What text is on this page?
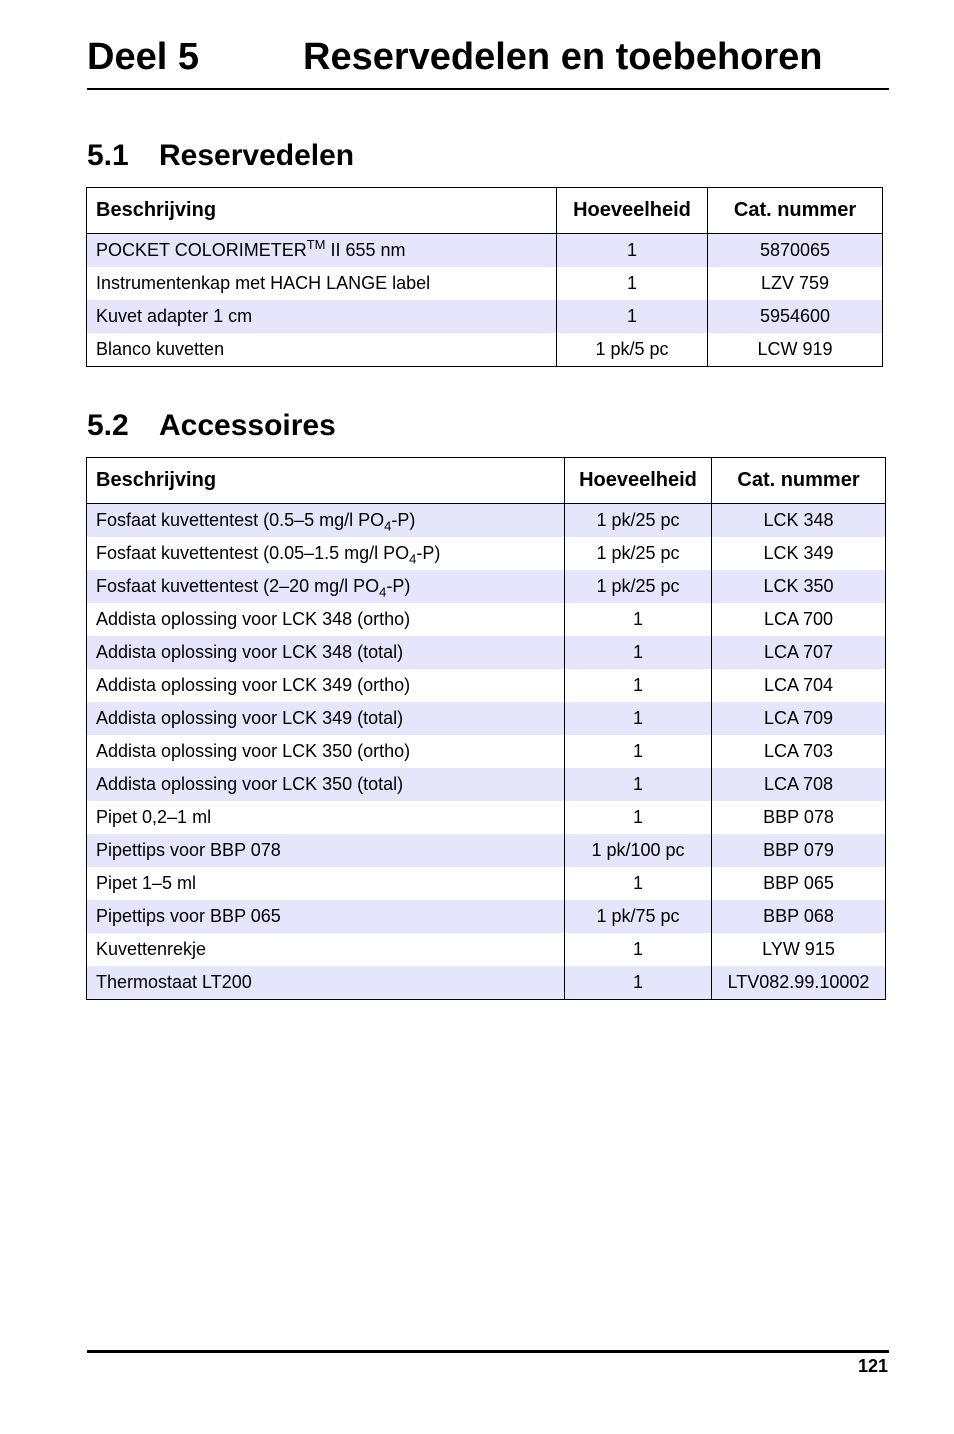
Deel 5	Reservedelen en toebehoren
5.1 Reservedelen
Beschrijving	Hoeveelheid	Cat. nummer
POCKET COLORIMETER™ II 655 nm	1	5870065
Instrumentenkap met HACH LANGE label	1	LZV 759
Kuvet adapter 1 cm	1	5954600
Blanco kuvetten	1 pk/5 pc	LCW 919
5.2 Accessoires
Beschrijving	Hoeveelheid	Cat. nummer
Fosfaat kuvettentest (0.5–5 mg/l $PO_4-P$)	1 pk/25 pc	LCK 348
Fosfaat kuvettentest (0.05–1.5 mg/l $PO_4-P$)	1 pk/25 pc	LCK 349
Fosfaat kuvettentest (2–20 mg/l $PO_4-P$)	1 pk/25 pc	LCK 350
Addista oplossing voor LCK 348 (ortho)	1	LCA 700
Addista oplossing voor LCK 348 (total)	1	LCA 707
Addista oplossing voor LCK 349 (ortho)	1	LCA 704
Addista oplossing voor LCK 349 (total)	1	LCA 709
Addista oplossing voor LCK 350 (ortho)	1	LCA 703
Addista oplossing voor LCK 350 (total)	1	LCA 708
Pipet 0,2–1 ml	1	BBP 078
Pipettips voor BBP 078	1 pk/100 pc	BBP 079
Pipet 1–5 ml	1	BBP 065
Pipettips voor BBP 065	1 pk/75 pc	BBP 068
Kuvettenrekje	1	LYW 915
Thermostaat LT200	1	LTV082.99.10002
121
